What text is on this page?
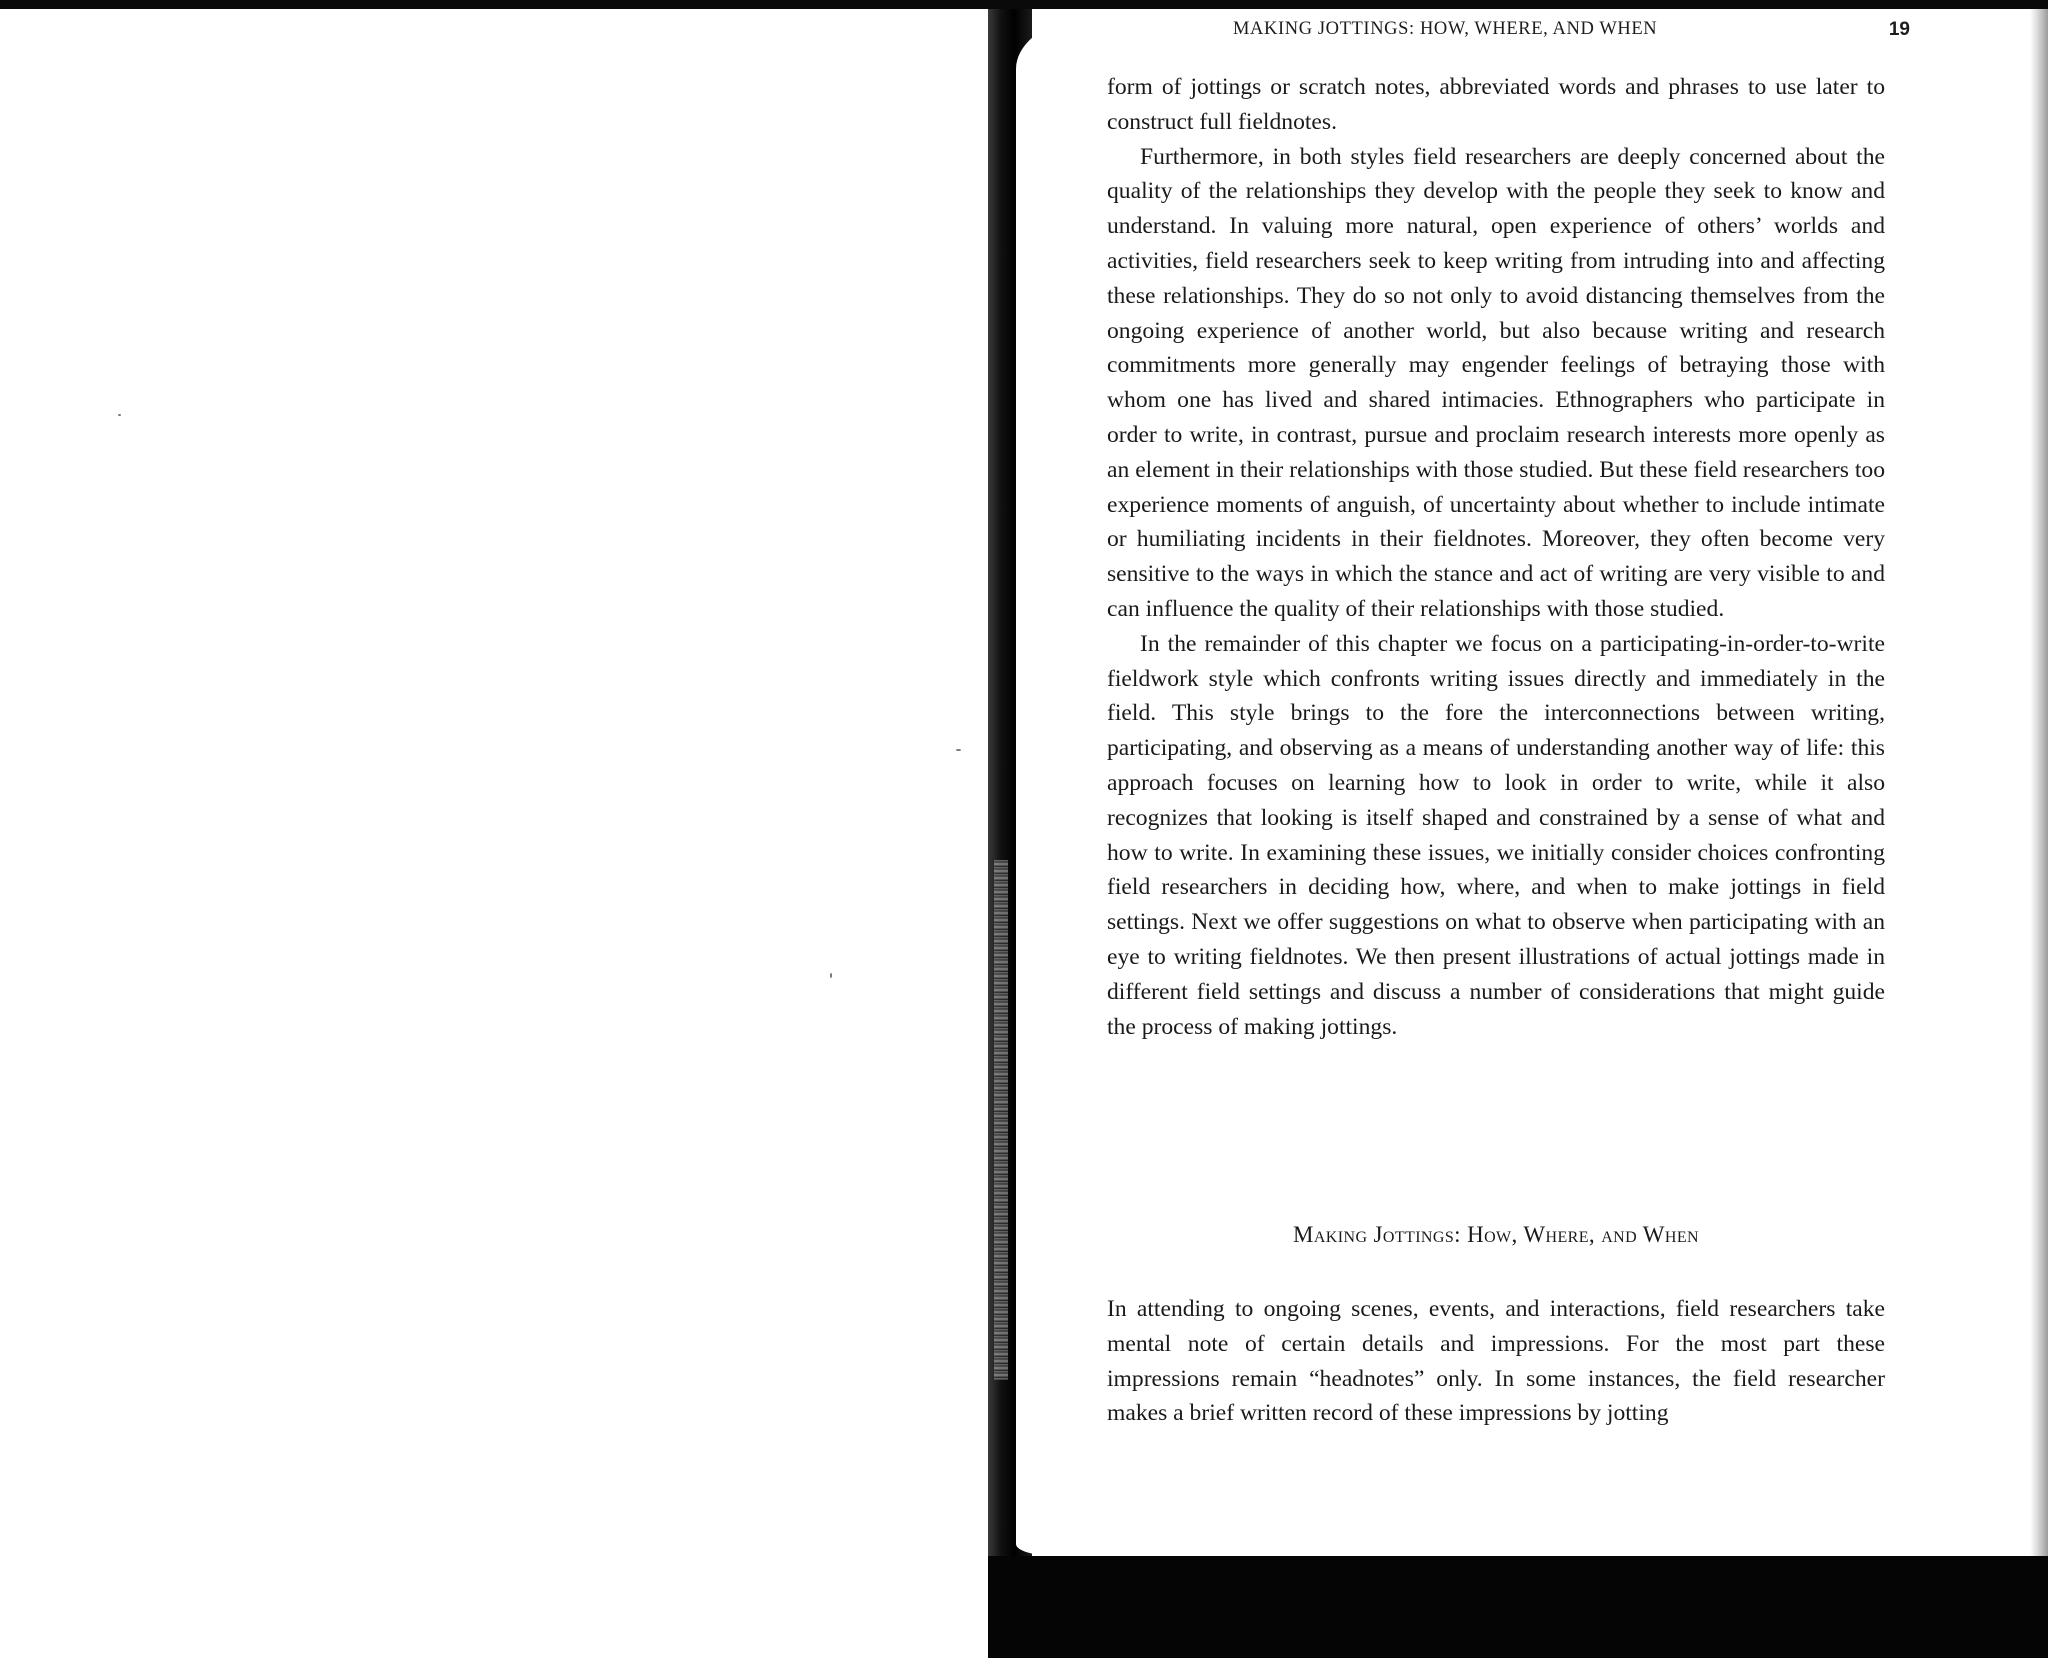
MAKING JOTTINGS: HOW, WHERE, AND WHEN	19

form of jottings or scratch notes, abbreviated words and phrases to use later to construct full fieldnotes.

Furthermore, in both styles field researchers are deeply concerned about the quality of the relationships they develop with the people they seek to know and understand. In valuing more natural, open experience of others’ worlds and activities, field researchers seek to keep writing from intruding into and affecting these relationships. They do so not only to avoid distancing themselves from the ongoing experience of another world, but also because writing and research commitments more generally may engender feelings of betraying those with whom one has lived and shared intimacies. Ethnographers who participate in order to write, in contrast, pursue and proclaim research interests more openly as an element in their relationships with those studied. But these field researchers too experience moments of anguish, of uncertainty about whether to include intimate or humiliating incidents in their fieldnotes. Moreover, they often become very sensitive to the ways in which the stance and act of writing are very visible to and can influence the quality of their relationships with those studied.

In the remainder of this chapter we focus on a participating-in-order-to-write fieldwork style which confronts writing issues directly and immediately in the field. This style brings to the fore the interconnections between writing, participating, and observing as a means of understanding another way of life: this approach focuses on learning how to look in order to write, while it also recognizes that looking is itself shaped and constrained by a sense of what and how to write. In examining these issues, we initially consider choices confronting field researchers in deciding how, where, and when to make jottings in field settings. Next we offer suggestions on what to observe when participating with an eye to writing fieldnotes. We then present illustrations of actual jottings made in different field settings and discuss a number of considerations that might guide the process of making jottings.

Making Jottings: How, Where, and When

In attending to ongoing scenes, events, and interactions, field researchers take mental note of certain details and impressions. For the most part these impressions remain “headnotes” only. In some instances, the field researcher makes a brief written record of these impressions by jotting
